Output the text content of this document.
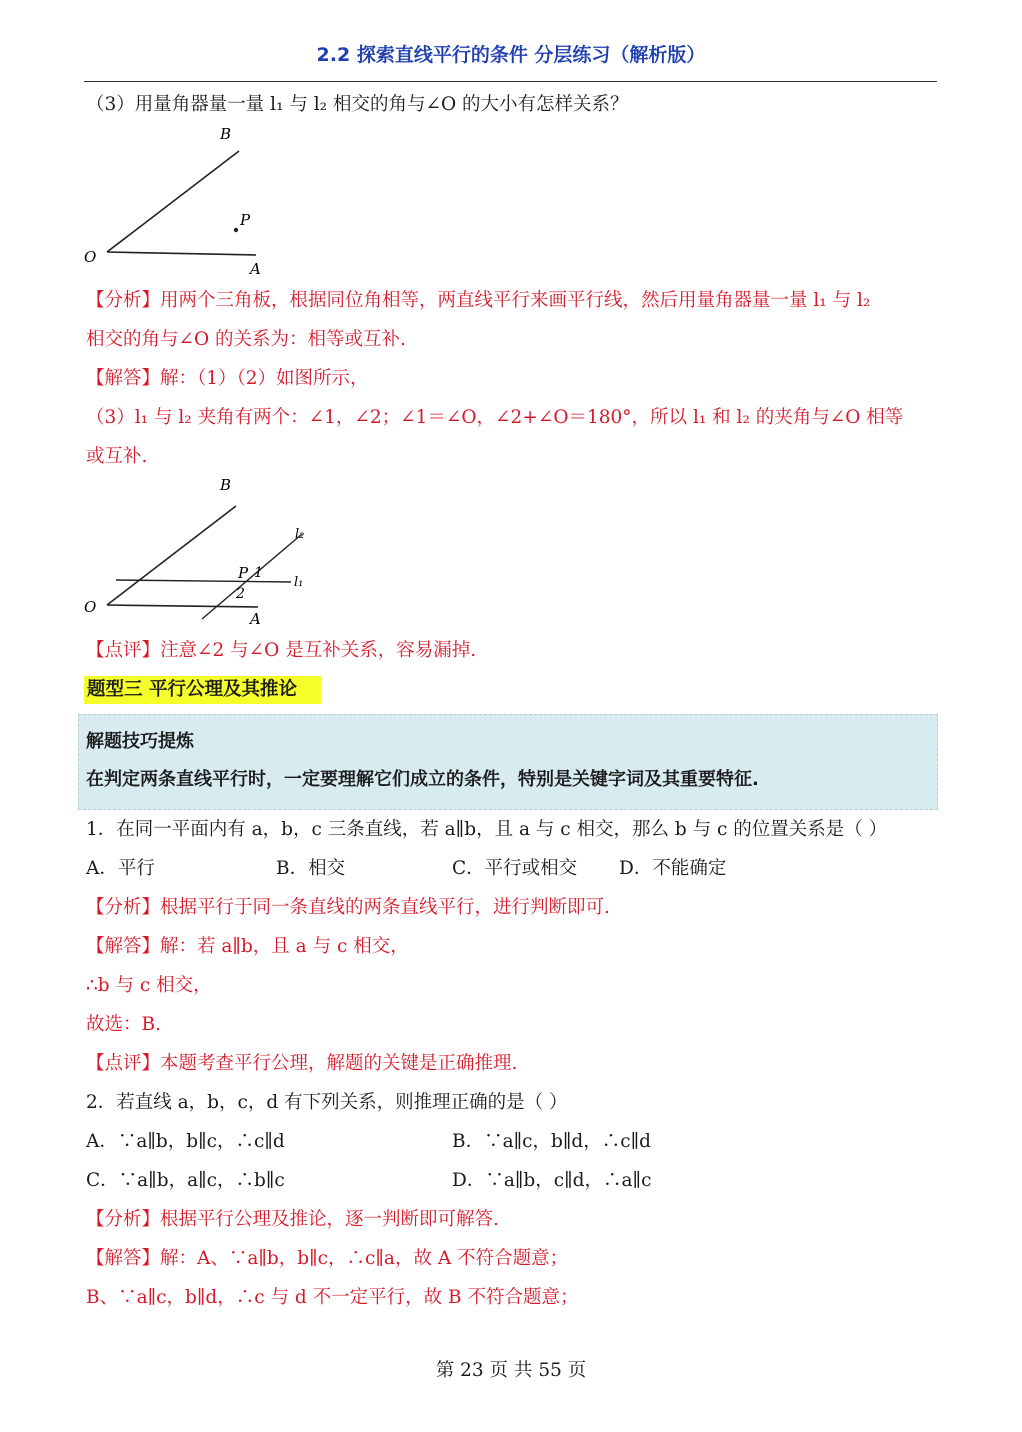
2.2 探索直线平行的条件 分层练习（解析版）
（3）用量角器量一量 l₁ 与 l₂ 相交的角与∠O 的大小有怎样关系？
B
P
O
A
【分析】用两个三角板，根据同位角相等，两直线平行来画平行线，然后用量角器量一量 l₁ 与 l₂
相交的角与∠O 的关系为：相等或互补.
【解答】解：（1）（2）如图所示，
（3）l₁ 与 l₂ 夹角有两个：∠1，∠2；∠1＝∠O，∠2+∠O＝180°，所以 l₁ 和 l₂ 的夹角与∠O 相等
或互补.
B
l₂
P 1
l₁
2
O
A
【点评】注意∠2 与∠O 是互补关系，容易漏掉.
题型三 平行公理及其推论
解题技巧提炼
在判定两条直线平行时，一定要理解它们成立的条件，特别是关键字词及其重要特征.
1．在同一平面内有 a，b，c 三条直线，若 a∥b，且 a 与 c 相交，那么 b 与 c 的位置关系是（ ）
A．平行	B．相交	C．平行或相交 D．不能确定
【分析】根据平行于同一条直线的两条直线平行，进行判断即可.
【解答】解：若 a∥b，且 a 与 c 相交，
∴b 与 c 相交，
故选：B.
【点评】本题考查平行公理，解题的关键是正确推理.
2．若直线 a，b，c，d 有下列关系，则推理正确的是（ ）
A．∵a∥b，b∥c，∴c∥d	B．∵a∥c，b∥d，∴c∥d
C．∵a∥b，a∥c，∴b∥c	D．∵a∥b，c∥d，∴a∥c
【分析】根据平行公理及推论，逐一判断即可解答.
【解答】解：A、∵a∥b，b∥c，∴c∥a，故 A 不符合题意；
B、∵a∥c，b∥d，∴c 与 d 不一定平行，故 B 不符合题意；
第 23 页 共 55 页
